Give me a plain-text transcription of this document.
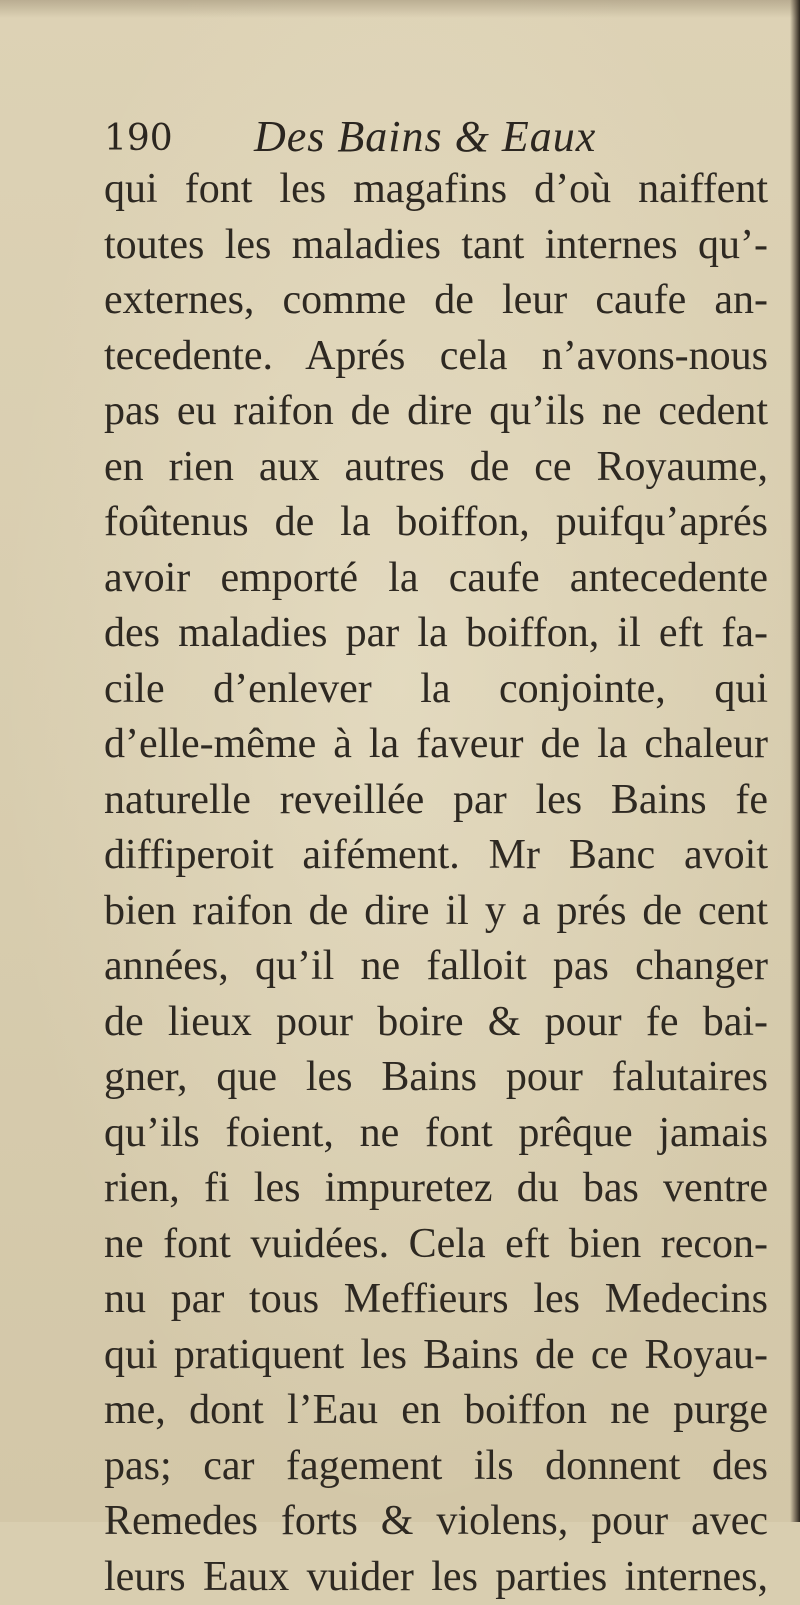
190 Des Bains & Eaux
qui font les magafins d’où naiffent
toutes les maladies tant internes qu’-
externes, comme de leur caufe an-
tecedente. Aprés cela n’avons-nous
pas eu raifon de dire qu’ils ne cedent
en rien aux autres de ce Royaume,
foûtenus de la boiffon, puifqu’aprés
avoir emporté la caufe antecedente
des maladies par la boiffon, il eft fa-
cile d’enlever la conjointe, qui
d’elle-même à la faveur de la chaleur
naturelle reveillée par les Bains fe
diffiperoit aifément. Mr Banc avoit
bien raifon de dire il y a prés de cent
années, qu’il ne falloit pas changer
de lieux pour boire & pour fe bai-
gner, que les Bains pour falutaires
qu’ils foient, ne font prêque jamais
rien, fi les impuretez du bas ventre
ne font vuidées. Cela eft bien recon-
nu par tous Meffieurs les Medecins
qui pratiquent les Bains de ce Royau-
me, dont l’Eau en boiffon ne purge
pas; car fagement ils donnent des
Remedes forts & violens, pour avec
leurs Eaux vuider les parties internes,
